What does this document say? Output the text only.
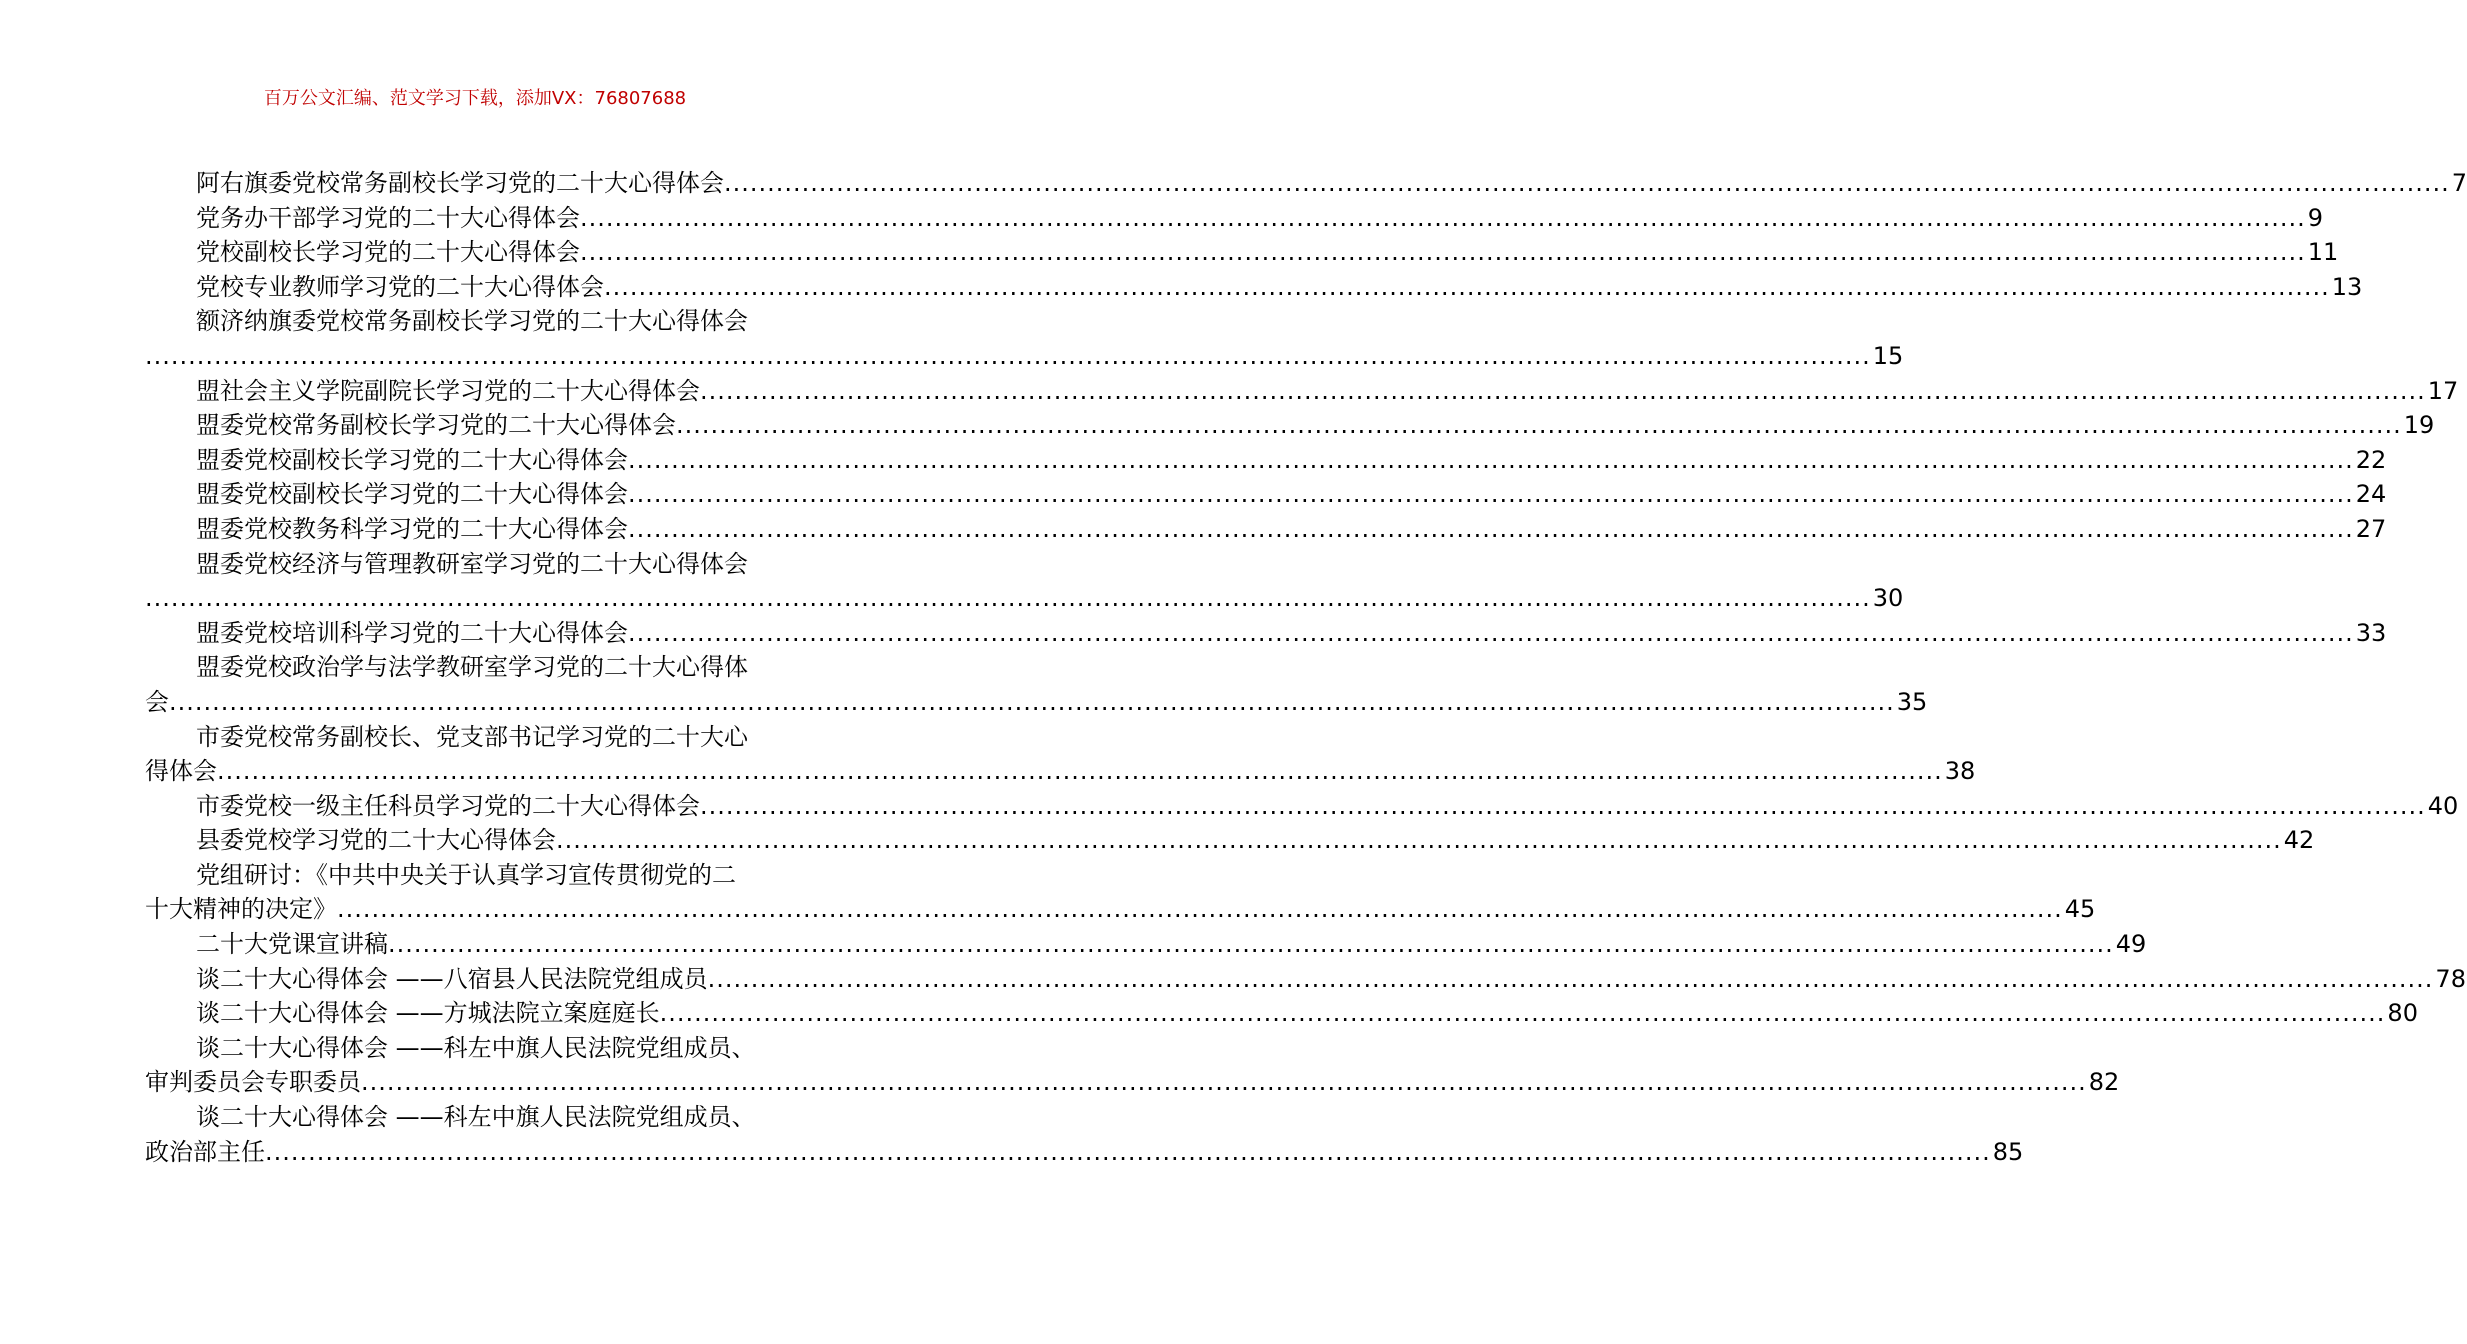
百万公文汇编、范文学习下载，添加VX：76807688
阿右旗委党校常务副校长学习党的二十大心得体会 ........................................................................................................................................................................................................ 7
党务办干部学习党的二十大心得体会 ........................................................................................................................................................................................................ 9
党校副校长学习党的二十大心得体会 ........................................................................................................................................................................................................ 11
党校专业教师学习党的二十大心得体会 ........................................................................................................................................................................................................ 13
额济纳旗委党校常务副校长学习党的二十大心得体会
........................................................................................................................................................................................................ 15
盟社会主义学院副院长学习党的二十大心得体会 ........................................................................................................................................................................................................ 17
盟委党校常务副校长学习党的二十大心得体会 ........................................................................................................................................................................................................ 19
盟委党校副校长学习党的二十大心得体会 ........................................................................................................................................................................................................ 22
盟委党校副校长学习党的二十大心得体会 ........................................................................................................................................................................................................ 24
盟委党校教务科学习党的二十大心得体会 ........................................................................................................................................................................................................ 27
盟委党校经济与管理教研室学习党的二十大心得体会
........................................................................................................................................................................................................ 30
盟委党校培训科学习党的二十大心得体会 ........................................................................................................................................................................................................ 33
盟委党校政治学与法学教研室学习党的二十大心得体
会 ........................................................................................................................................................................................................ 35
市委党校常务副校长、党支部书记学习党的二十大心
得体会 ........................................................................................................................................................................................................ 38
市委党校一级主任科员学习党的二十大心得体会 ........................................................................................................................................................................................................ 40
县委党校学习党的二十大心得体会 ........................................................................................................................................................................................................ 42
党组研讨：《中共中央关于认真学习宣传贯彻党的二
十大精神的决定》 ........................................................................................................................................................................................................ 45
二十大党课宣讲稿 ........................................................................................................................................................................................................ 49
谈二十大心得体会 ——八宿县人民法院党组成员 ........................................................................................................................................................................................................ 78
谈二十大心得体会 ——方城法院立案庭庭长 ........................................................................................................................................................................................................ 80
谈二十大心得体会 ——科左中旗人民法院党组成员、
审判委员会专职委员 ........................................................................................................................................................................................................ 82
谈二十大心得体会 ——科左中旗人民法院党组成员、
政治部主任 ........................................................................................................................................................................................................ 85
